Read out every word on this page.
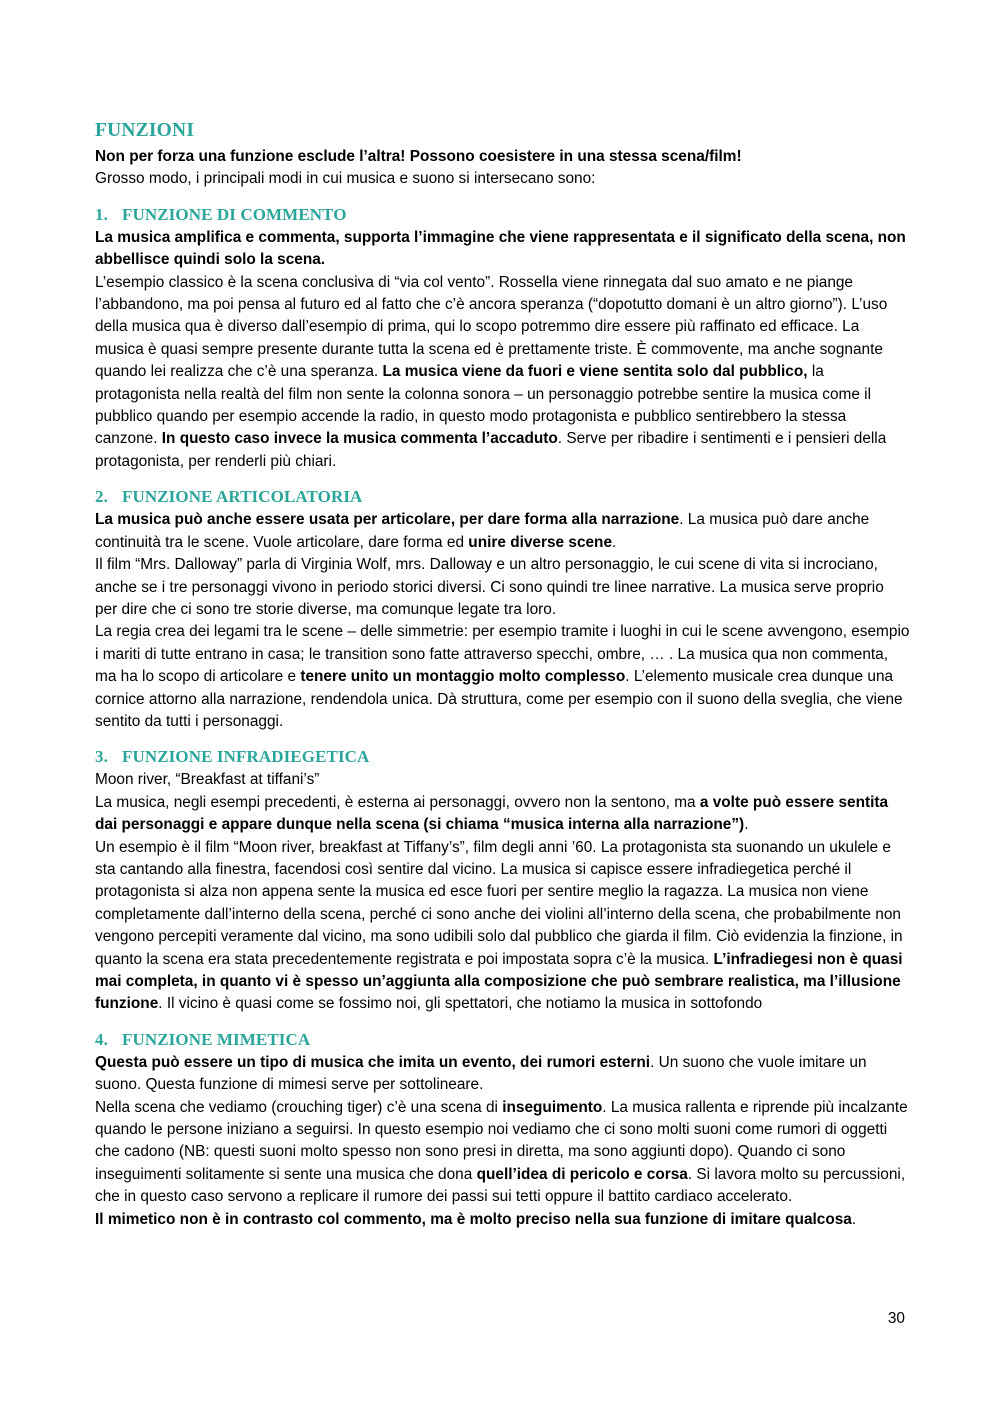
FUNZIONI

Non per forza una funzione esclude l’altra! Possono coesistere in una stessa scena/film!

Grosso modo, i principali modi in cui musica e suono si intersecano sono:

1. FUNZIONE DI COMMENTO

La musica amplifica e commenta, supporta l’immagine che viene rappresentata e il significato della scena, non abbellisce quindi solo la scena.

L’esempio classico è la scena conclusiva di “via col vento”. Rossella viene rinnegata dal suo amato e ne piange l’abbandono, ma poi pensa al futuro ed al fatto che c’è ancora speranza (“dopotutto domani è un altro giorno”). L’uso della musica qua è diverso dall’esempio di prima, qui lo scopo potremmo dire essere più raffinato ed efficace. La musica è quasi sempre presente durante tutta la scena ed è prettamente triste. È commovente, ma anche sognante quando lei realizza che c’è una speranza. La musica viene da fuori e viene sentita solo dal pubblico, la protagonista nella realtà del film non sente la colonna sonora – un personaggio potrebbe sentire la musica come il pubblico quando per esempio accende la radio, in questo modo protagonista e pubblico sentirebbero la stessa canzone. In questo caso invece la musica commenta l’accaduto. Serve per ribadire i sentimenti e i pensieri della protagonista, per renderli più chiari.

2. FUNZIONE ARTICOLATORIA

La musica può anche essere usata per articolare, per dare forma alla narrazione. La musica può dare anche continuità tra le scene. Vuole articolare, dare forma ed unire diverse scene.

Il film “Mrs. Dalloway” parla di Virginia Wolf, mrs. Dalloway e un altro personaggio, le cui scene di vita si incrociano, anche se i tre personaggi vivono in periodo storici diversi. Ci sono quindi tre linee narrative. La musica serve proprio per dire che ci sono tre storie diverse, ma comunque legate tra loro.

La regia crea dei legami tra le scene – delle simmetrie: per esempio tramite i luoghi in cui le scene avvengono, esempio i mariti di tutte entrano in casa; le transition sono fatte attraverso specchi, ombre, … . La musica qua non commenta, ma ha lo scopo di articolare e tenere unito un montaggio molto complesso. L’elemento musicale crea dunque una cornice attorno alla narrazione, rendendola unica. Dà struttura, come per esempio con il suono della sveglia, che viene sentito da tutti i personaggi.

3. FUNZIONE INFRADIEGETICA

Moon river, “Breakfast at tiffani’s”

La musica, negli esempi precedenti, è esterna ai personaggi, ovvero non la sentono, ma a volte può essere sentita dai personaggi e appare dunque nella scena (si chiama “musica interna alla narrazione”).

Un esempio è il film “Moon river, breakfast at Tiffany’s”, film degli anni ’60. La protagonista sta suonando un ukulele e sta cantando alla finestra, facendosi così sentire dal vicino. La musica si capisce essere infradiegetica perché il protagonista si alza non appena sente la musica ed esce fuori per sentire meglio la ragazza. La musica non viene completamente dall’interno della scena, perché ci sono anche dei violini all’interno della scena, che probabilmente non vengono percepiti veramente dal vicino, ma sono udibili solo dal pubblico che giarda il film. Ciò evidenzia la finzione, in quanto la scena era stata precedentemente registrata e poi impostata sopra c’è la musica. L’infradiegesi non è quasi mai completa, in quanto vi è spesso un’aggiunta alla composizione che può sembrare realistica, ma l’illusione funzione. Il vicino è quasi come se fossimo noi, gli spettatori, che notiamo la musica in sottofondo

4. FUNZIONE MIMETICA

Questa può essere un tipo di musica che imita un evento, dei rumori esterni. Un suono che vuole imitare un suono. Questa funzione di mimesi serve per sottolineare.

Nella scena che vediamo (crouching tiger) c’è una scena di inseguimento. La musica rallenta e riprende più incalzante quando le persone iniziano a seguirsi. In questo esempio noi vediamo che ci sono molti suoni come rumori di oggetti che cadono (NB: questi suoni molto spesso non sono presi in diretta, ma sono aggiunti dopo). Quando ci sono inseguimenti solitamente si sente una musica che dona quell’idea di pericolo e corsa. Si lavora molto su percussioni, che in questo caso servono a replicare il rumore dei passi sui tetti oppure il battito cardiaco accelerato.

Il mimetico non è in contrasto col commento, ma è molto preciso nella sua funzione di imitare qualcosa.

30
